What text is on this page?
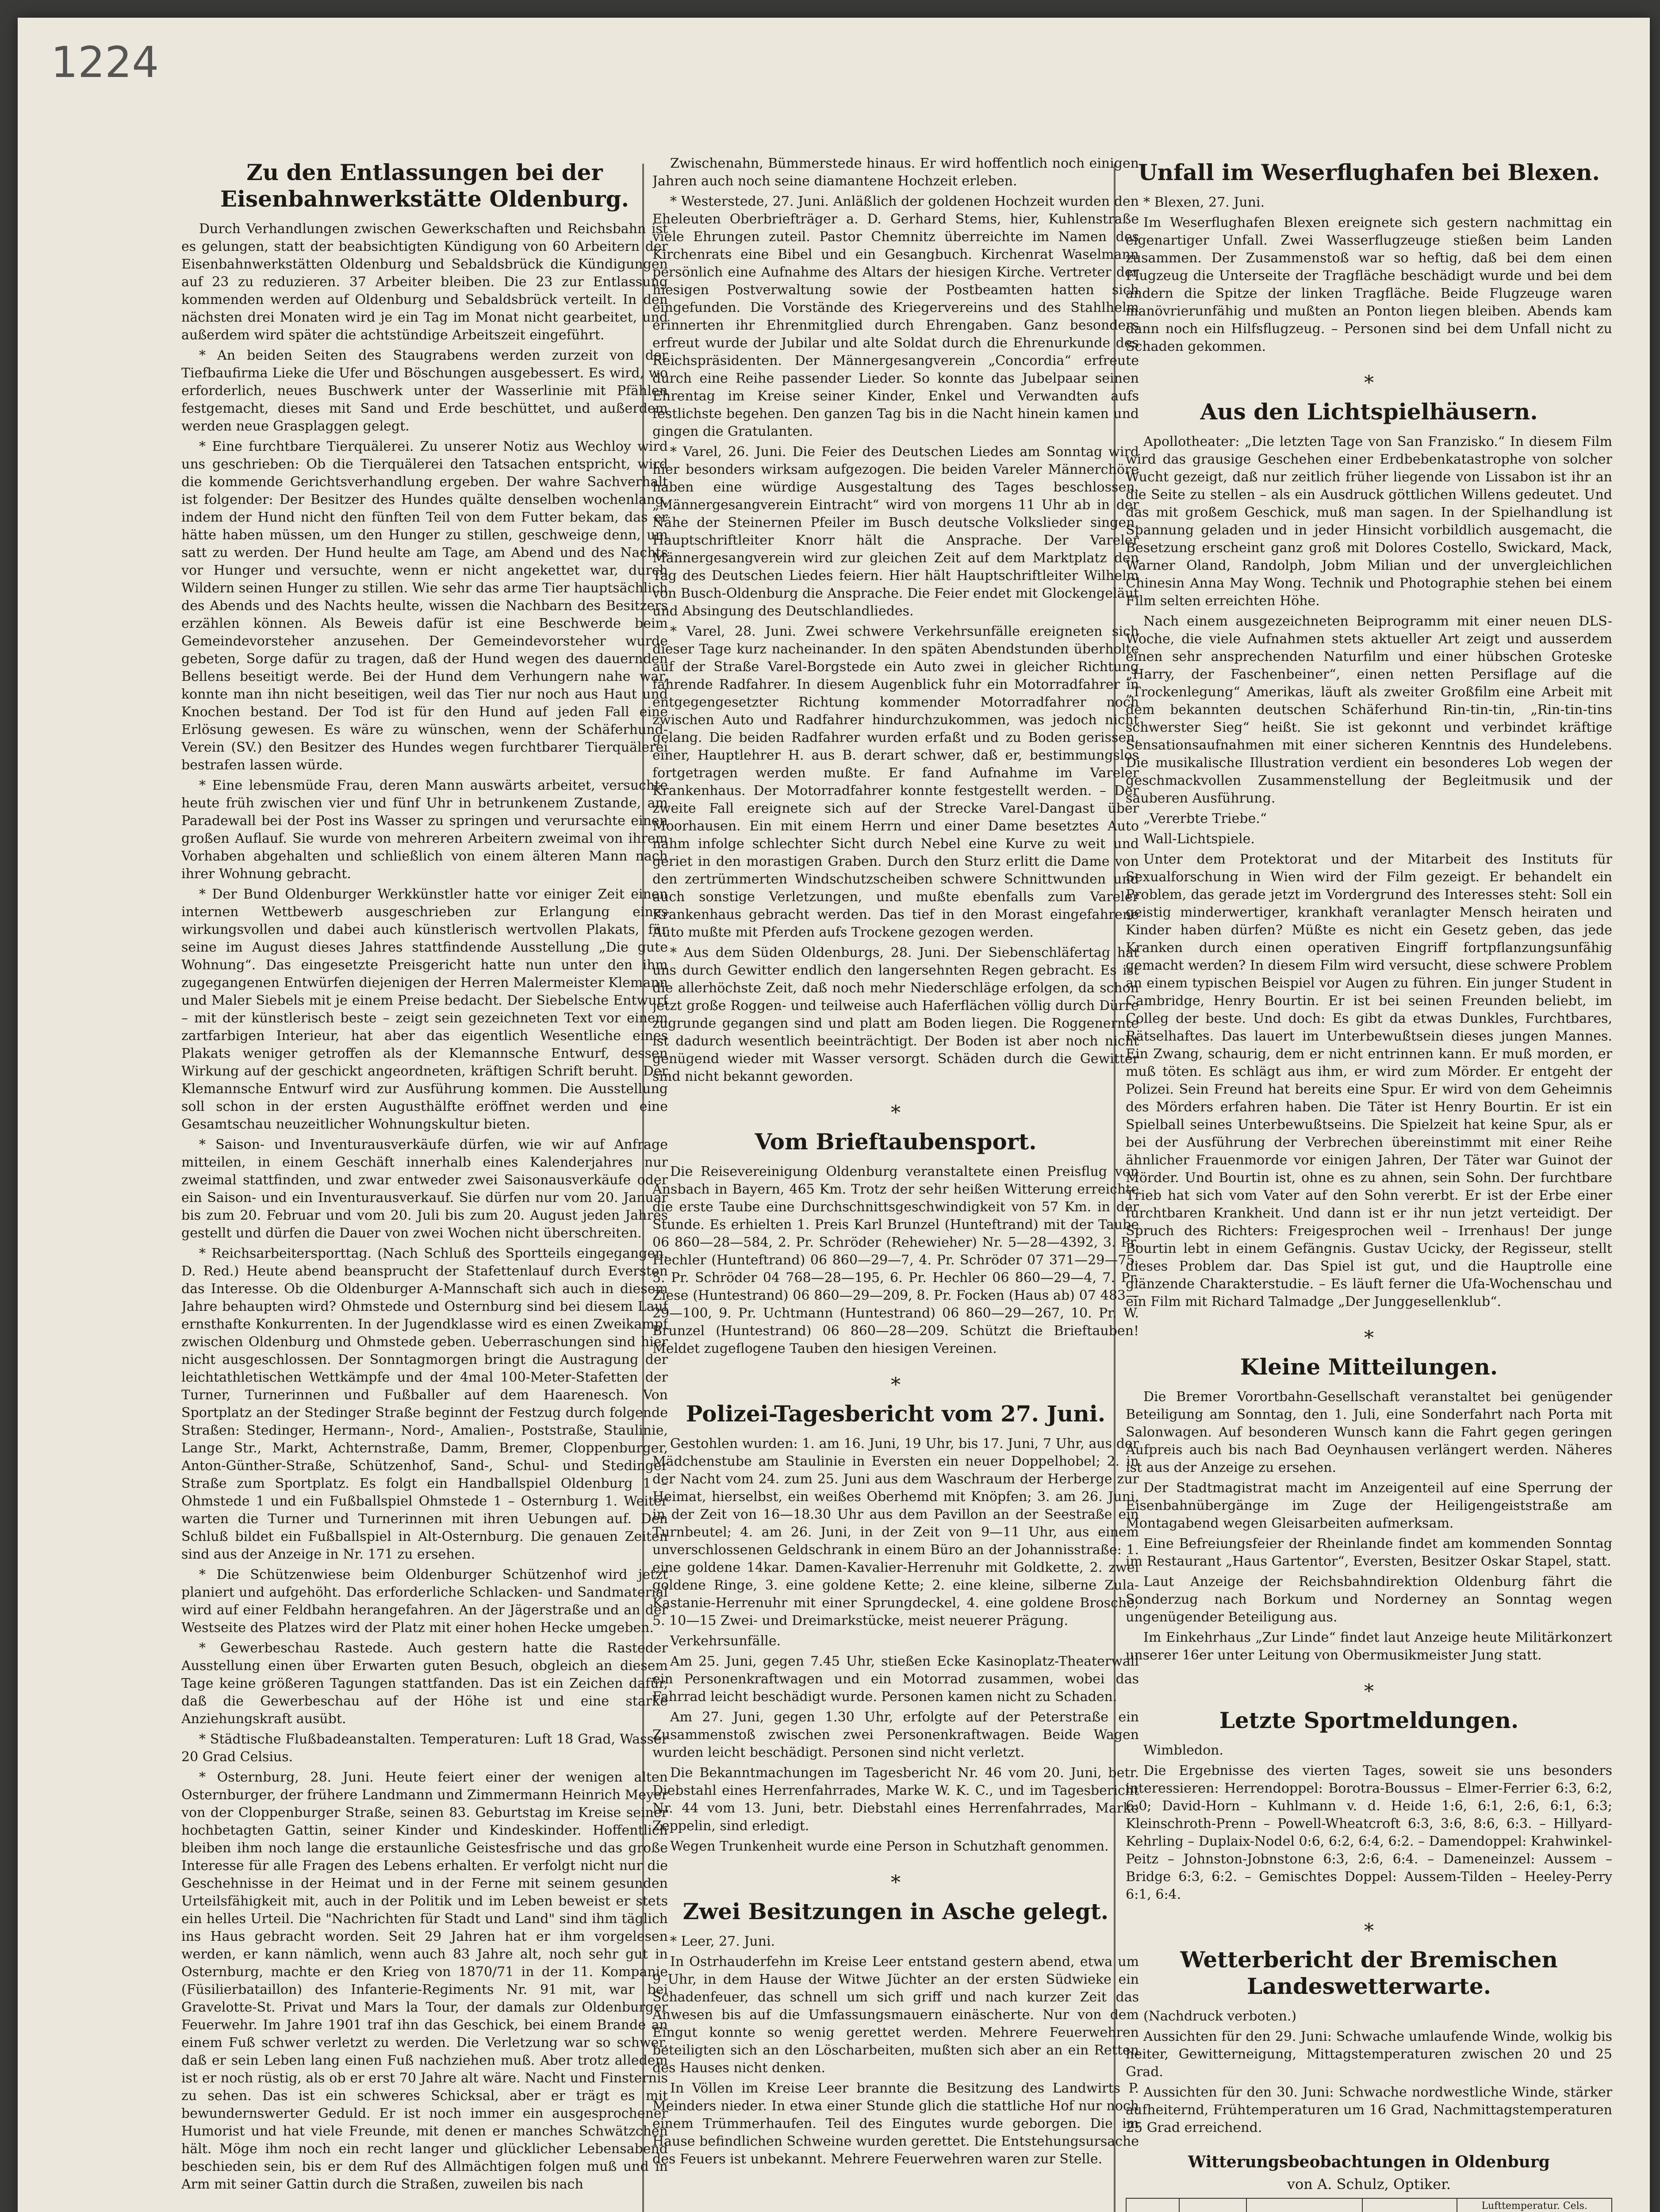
1224
Zu den Entlassungen bei der Eisenbahnwerkstätte Oldenburg.

Durch Verhandlungen zwischen Gewerkschaften und Reichsbahn ist es gelungen, statt der beabsichtigten Kündigung von 60 Arbeitern der Eisenbahnwerkstätten Oldenburg und Sebaldsbrück die Kündigungen auf 23 zu reduzieren. 37 Arbeiter bleiben. Die 23 zur Entlassung kommenden werden auf Oldenburg und Sebaldsbrück verteilt. In den nächsten drei Monaten wird je ein Tag im Monat nicht gearbeitet, und außerdem wird später die achtstündige Arbeitszeit eingeführt.

* An beiden Seiten des Staugrabens werden zurzeit von der Tiefbaufirma Lieke die Ufer und Böschungen ausgebessert. Es wird, wo erforderlich, neues Buschwerk unter der Wasserlinie mit Pfählen festgemacht, dieses mit Sand und Erde beschüttet, und außerdem werden neue Grasplaggen gelegt.

* Eine furchtbare Tierquälerei. Zu unserer Notiz aus Wechloy wird uns geschrieben: Ob die Tierquälerei den Tatsachen entspricht, wird die kommende Gerichtsverhandlung ergeben. Der wahre Sachverhalt ist folgender: Der Besitzer des Hundes quälte denselben wochenlang, indem der Hund nicht den fünften Teil von dem Futter bekam, das er hätte haben müssen, um den Hunger zu stillen, geschweige denn, um satt zu werden. Der Hund heulte am Tage, am Abend und des Nachts vor Hunger und versuchte, wenn er nicht angekettet war, durch Wildern seinen Hunger zu stillen. Wie sehr das arme Tier hauptsächlich des Abends und des Nachts heulte, wissen die Nachbarn des Besitzers erzählen können. Als Beweis dafür ist eine Beschwerde beim Gemeindevorsteher anzusehen. Der Gemeindevorsteher wurde gebeten, Sorge dafür zu tragen, daß der Hund wegen des dauernden Bellens beseitigt werde. Bei der Hund dem Verhungern nahe war, konnte man ihn nicht beseitigen, weil das Tier nur noch aus Haut und Knochen bestand. Der Tod ist für den Hund auf jeden Fall eine Erlösung gewesen. Es wäre zu wünschen, wenn der Schäferhund-Verein (SV.) den Besitzer des Hundes wegen furchtbarer Tierquälerei bestrafen lassen würde.

* Eine lebensmüde Frau, deren Mann auswärts arbeitet, versuchte heute früh zwischen vier und fünf Uhr in betrunkenem Zustande, am Paradewall bei der Post ins Wasser zu springen und verursachte einen großen Auflauf. Sie wurde von mehreren Arbeitern zweimal von ihrem Vorhaben abgehalten und schließlich von einem älteren Mann nach ihrer Wohnung gebracht.

* Der Bund Oldenburger Werkkünstler hatte vor einiger Zeit einen internen Wettbewerb ausgeschrieben zur Erlangung eines wirkungsvollen und dabei auch künstlerisch wertvollen Plakats, für seine im August dieses Jahres stattfindende Ausstellung „Die gute Wohnung“. Das eingesetzte Preisgericht hatte nun unter den ihm zugegangenen Entwürfen diejenigen der Herren Malermeister Klemann und Maler Siebels mit je einem Preise bedacht. Der Siebelsche Entwurf – mit der künstlerisch beste – zeigt sein gezeichneten Text vor einem zartfarbigen Interieur, hat aber das eigentlich Wesentliche eines Plakats weniger getroffen als der Klemannsche Entwurf, dessen Wirkung auf der geschickt angeordneten, kräftigen Schrift beruht. Der Klemannsche Entwurf wird zur Ausführung kommen. Die Ausstellung soll schon in der ersten Augusthälfte eröffnet werden und eine Gesamtschau neuzeitlicher Wohnungskultur bieten.

* Saison- und Inventurausverkäufe dürfen, wie wir auf Anfrage mitteilen, in einem Geschäft innerhalb eines Kalenderjahres nur zweimal stattfinden, und zwar entweder zwei Saisonausverkäufe oder ein Saison- und ein Inventurausverkauf. Sie dürfen nur vom 20. Januar bis zum 20. Februar und vom 20. Juli bis zum 20. August jeden Jahres gestellt und dürfen die Dauer von zwei Wochen nicht überschreiten.

* Reichsarbeitersporttag. (Nach Schluß des Sportteils eingegangen. D. Red.) Heute abend beansprucht der Stafettenlauf durch Eversten das Interesse. Ob die Oldenburger A-Mannschaft sich auch in diesem Jahre behaupten wird? Ohmstede und Osternburg sind bei diesem Lauf ernsthafte Konkurrenten. In der Jugendklasse wird es einen Zweikampf zwischen Oldenburg und Ohmstede geben. Ueberraschungen sind hier nicht ausgeschlossen. Der Sonntagmorgen bringt die Austragung der leichtathletischen Wettkämpfe und der 4mal 100-Meter-Stafetten der Turner, Turnerinnen und Fußballer auf dem Haarenesch. Von Sportplatz an der Stedinger Straße beginnt der Festzug durch folgende Straßen: Stedinger, Hermann-, Nord-, Amalien-, Poststraße, Staulinie, Lange Str., Markt, Achternstraße, Damm, Bremer, Cloppenburger, Anton-Günther-Straße, Schützenhof, Sand-, Schul- und Stedinger Straße zum Sportplatz. Es folgt ein Handballspiel Oldenburg 1 – Ohmstede 1 und ein Fußballspiel Ohmstede 1 – Osternburg 1. Weiter warten die Turner und Turnerinnen mit ihren Uebungen auf. Den Schluß bildet ein Fußballspiel in Alt-Osternburg. Die genauen Zeiten sind aus der Anzeige in Nr. 171 zu ersehen.

* Die Schützenwiese beim Oldenburger Schützenhof wird jetzt planiert und aufgehöht. Das erforderliche Schlacken- und Sandmaterial wird auf einer Feldbahn herangefahren. An der Jägerstraße und an der Westseite des Platzes wird der Platz mit einer hohen Hecke umgeben.

* Gewerbeschau Rastede. Auch gestern hatte die Rasteder Ausstellung einen über Erwarten guten Besuch, obgleich an diesem Tage keine größeren Tagungen stattfanden. Das ist ein Zeichen dafür, daß die Gewerbeschau auf der Höhe ist und eine starke Anziehungskraft ausübt.

* Städtische Flußbadeanstalten. Temperaturen: Luft 18 Grad, Wasser 20 Grad Celsius.

* Osternburg, 28. Juni. Heute feiert einer der wenigen alten Osternburger, der frühere Landmann und Zimmermann Heinrich Meyer von der Cloppenburger Straße, seinen 83. Geburtstag im Kreise seiner hochbetagten Gattin, seiner Kinder und Kindeskinder. Hoffentlich bleiben ihm noch lange die erstaunliche Geistesfrische und das große Interesse für alle Fragen des Lebens erhalten. Er verfolgt nicht nur die Geschehnisse in der Heimat und in der Ferne mit seinem gesunden Urteilsfähigkeit mit, auch in der Politik und im Leben beweist er stets ein helles Urteil. Die "Nachrichten für Stadt und Land" sind ihm täglich ins Haus gebracht worden. Seit 29 Jahren hat er ihm vorgelesen werden, er kann nämlich, wenn auch 83 Jahre alt, noch sehr gut in Osternburg, machte er den Krieg von 1870/71 in der 11. Kompanie (Füsilierbataillon) des Infanterie-Regiments Nr. 91 mit, war bei Gravelotte-St. Privat und Mars la Tour, der damals zur Oldenburger Feuerwehr. Im Jahre 1901 traf ihn das Geschick, bei einem Brande an einem Fuß schwer verletzt zu werden. Die Verletzung war so schwer, daß er sein Leben lang einen Fuß nachziehen muß. Aber trotz alledem ist er noch rüstig, als ob er erst 70 Jahre alt wäre. Nacht und Finsternis zu sehen. Das ist ein schweres Schicksal, aber er trägt es mit bewundernswerter Geduld. Er ist noch immer ein ausgesprochener Humorist und hat viele Freunde, mit denen er manches Schwätzchen hält. Möge ihm noch ein recht langer und glücklicher Lebensabend beschieden sein, bis er dem Ruf des Allmächtigen folgen muß und in Arm mit seiner Gattin durch die Straßen, zuweilen bis nach

Zwischenahn, Bümmerstede hinaus. Er wird hoffentlich noch einigen Jahren auch noch seine diamantene Hochzeit erleben.

* Westerstede, 27. Juni. Anläßlich der goldenen Hochzeit wurden den Eheleuten Oberbriefträger a. D. Gerhard Stems, hier, Kuhlenstraße viele Ehrungen zuteil. Pastor Chemnitz überreichte im Namen des Kirchenrats eine Bibel und ein Gesangbuch. Kirchenrat Waselmann persönlich eine Aufnahme des Altars der hiesigen Kirche. Vertreter der hiesigen Postverwaltung sowie der Postbeamten hatten sich eingefunden. Die Vorstände des Kriegervereins und des Stahlhelm erinnerten ihr Ehrenmitglied durch Ehrengaben. Ganz besonders erfreut wurde der Jubilar und alte Soldat durch die Ehrenurkunde des Reichspräsidenten. Der Männergesangverein „Concordia“ erfreute durch eine Reihe passender Lieder. So konnte das Jubelpaar seinen Ehrentag im Kreise seiner Kinder, Enkel und Verwandten aufs festlichste begehen. Den ganzen Tag bis in die Nacht hinein kamen und gingen die Gratulanten.

* Varel, 26. Juni. Die Feier des Deutschen Liedes am Sonntag wird hier besonders wirksam aufgezogen. Die beiden Vareler Männerchöre haben eine würdige Ausgestaltung des Tages beschlossen. „Männergesangverein Eintracht“ wird von morgens 11 Uhr ab in der Nähe der Steinernen Pfeiler im Busch deutsche Volkslieder singen. Hauptschriftleiter Knorr hält die Ansprache. Der Vareler Männergesangverein wird zur gleichen Zeit auf dem Marktplatz den Tag des Deutschen Liedes feiern. Hier hält Hauptschriftleiter Wilhelm von Busch-Oldenburg die Ansprache. Die Feier endet mit Glockengeläut und Absingung des Deutschlandliedes.

* Varel, 28. Juni. Zwei schwere Verkehrsunfälle ereigneten sich dieser Tage kurz nacheinander. In den späten Abendstunden überholte auf der Straße Varel-Borgstede ein Auto zwei in gleicher Richtung fahrende Radfahrer. In diesem Augenblick fuhr ein Motorradfahrer in entgegengesetzter Richtung kommender Motorradfahrer noch zwischen Auto und Radfahrer hindurchzukommen, was jedoch nicht gelang. Die beiden Radfahrer wurden erfaßt und zu Boden gerissen, einer, Hauptlehrer H. aus B. derart schwer, daß er, bestimmungslos fortgetragen werden mußte. Er fand Aufnahme im Vareler Krankenhaus. Der Motorradfahrer konnte festgestellt werden. – Der zweite Fall ereignete sich auf der Strecke Varel-Dangast über Moorhausen. Ein mit einem Herrn und einer Dame besetztes Auto nahm infolge schlechter Sicht durch Nebel eine Kurve zu weit und geriet in den morastigen Graben. Durch den Sturz erlitt die Dame von den zertrümmerten Windschutzscheiben schwere Schnittwunden und auch sonstige Verletzungen, und mußte ebenfalls zum Vareler Krankenhaus gebracht werden. Das tief in den Morast eingefahrene Auto mußte mit Pferden aufs Trockene gezogen werden.

* Aus dem Süden Oldenburgs, 28. Juni. Der Siebenschläfertag hat uns durch Gewitter endlich den langersehnten Regen gebracht. Es ist die allerhöchste Zeit, daß noch mehr Niederschläge erfolgen, da schon jetzt große Roggen- und teilweise auch Haferflächen völlig durch Dürre zugrunde gegangen sind und platt am Boden liegen. Die Roggenernte ist dadurch wesentlich beeinträchtigt. Der Boden ist aber noch nicht genügend wieder mit Wasser versorgt. Schäden durch die Gewitter sind nicht bekannt geworden.

*
Vom Brieftaubensport.

Die Reisevereinigung Oldenburg veranstaltete einen Preisflug von Ansbach in Bayern, 465 Km. Trotz der sehr heißen Witterung erreichte die erste Taube eine Durchschnittsgeschwindigkeit von 57 Km. in der Stunde. Es erhielten 1. Preis Karl Brunzel (Hunteftrand) mit der Taube 06 860—28—584, 2. Pr. Schröder (Rehewieher) Nr. 5—28—4392, 3. Pr. Hechler (Hunteftrand) 06 860—29—7, 4. Pr. Schröder 07 371—29—75, 5. Pr. Schröder 04 768—28—195, 6. Pr. Hechler 06 860—29—4, 7. Pr. Ziese (Huntestrand) 06 860—29—209, 8. Pr. Focken (Haus ab) 07 483—29—100, 9. Pr. Uchtmann (Huntestrand) 06 860—29—267, 10. Pr. W. Brunzel (Huntestrand) 06 860—28—209. Schützt die Brieftauben! Meldet zugeflogene Tauben den hiesigen Vereinen.

*
Polizei-Tagesbericht vom 27. Juni.

Gestohlen wurden: 1. am 16. Juni, 19 Uhr, bis 17. Juni, 7 Uhr, aus der Mädchenstube am Staulinie in Eversten ein neuer Doppelhobel; 2. in der Nacht vom 24. zum 25. Juni aus dem Waschraum der Herberge zur Heimat, hierselbst, ein weißes Oberhemd mit Knöpfen; 3. am 26. Juni, in der Zeit von 16—18.30 Uhr aus dem Pavillon an der Seestraße ein Turnbeutel; 4. am 26. Juni, in der Zeit von 9—11 Uhr, aus einem unverschlossenen Geldschrank in einem Büro an der Johannisstraße: 1. eine goldene 14kar. Damen-Kavalier-Herrenuhr mit Goldkette, 2. zwei goldene Ringe, 3. eine goldene Kette; 2. eine kleine, silberne Zula-Kastanie-Herrenuhr mit einer Sprungdeckel, 4. eine goldene Brosche; 5. 10—15 Zwei- und Dreimarkstücke, meist neuerer Prägung.

Verkehrsunfälle.

Am 25. Juni, gegen 7.45 Uhr, stießen Ecke Kasinoplatz-Theaterwall ein Personenkraftwagen und ein Motorrad zusammen, wobei das Fahrrad leicht beschädigt wurde. Personen kamen nicht zu Schaden.

Am 27. Juni, gegen 1.30 Uhr, erfolgte auf der Peterstraße ein Zusammenstoß zwischen zwei Personenkraftwagen. Beide Wagen wurden leicht beschädigt. Personen sind nicht verletzt.

Die Bekanntmachungen im Tagesbericht Nr. 46 vom 20. Juni, betr. Diebstahl eines Herrenfahrrades, Marke W. K. C., und im Tagesbericht Nr. 44 vom 13. Juni, betr. Diebstahl eines Herrenfahrrades, Marke Zeppelin, sind erledigt.

Wegen Trunkenheit wurde eine Person in Schutzhaft genommen.

*
Zwei Besitzungen in Asche gelegt.

* Leer, 27. Juni.

In Ostrhauderfehn im Kreise Leer entstand gestern abend, etwa um 9 Uhr, in dem Hause der Witwe Jüchter an der ersten Südwieke ein Schadenfeuer, das schnell um sich griff und nach kurzer Zeit das Anwesen bis auf die Umfassungsmauern einäscherte. Nur von dem Eingut konnte so wenig gerettet werden. Mehrere Feuerwehren beteiligten sich an den Löscharbeiten, mußten sich aber an ein Retten des Hauses nicht denken.

In Völlen im Kreise Leer brannte die Besitzung des Landwirts P. Meinders nieder. In etwa einer Stunde glich die stattliche Hof nur noch einem Trümmerhaufen. Teil des Eingutes wurde geborgen. Die im Hause befindlichen Schweine wurden gerettet. Die Entstehungsursache des Feuers ist unbekannt. Mehrere Feuerwehren waren zur Stelle.

Unfall im Weserflughafen bei Blexen.

* Blexen, 27. Juni.

Im Weserflughafen Blexen ereignete sich gestern nachmittag ein eigenartiger Unfall. Zwei Wasserflugzeuge stießen beim Landen zusammen. Der Zusammenstoß war so heftig, daß bei dem einen Flugzeug die Unterseite der Tragfläche beschädigt wurde und bei dem andern die Spitze der linken Tragfläche. Beide Flugzeuge waren manövrierunfähig und mußten an Ponton liegen bleiben. Abends kam dann noch ein Hilfsflugzeug. – Personen sind bei dem Unfall nicht zu Schaden gekommen.

*
Aus den Lichtspielhäusern.

Apollotheater: „Die letzten Tage von San Franzisko.“ In diesem Film wird das grausige Geschehen einer Erdbebenkatastrophe von solcher Wucht gezeigt, daß nur zeitlich früher liegende von Lissabon ist ihr an die Seite zu stellen – als ein Ausdruck göttlichen Willens gedeutet. Und das mit großem Geschick, muß man sagen. In der Spielhandlung ist Spannung geladen und in jeder Hinsicht vorbildlich ausgemacht, die Besetzung erscheint ganz groß mit Dolores Costello, Swickard, Mack, Warner Oland, Randolph, Jobm Milian und der unvergleichlichen Chinesin Anna May Wong. Technik und Photographie stehen bei einem Film selten erreichten Höhe.

Nach einem ausgezeichneten Beiprogramm mit einer neuen DLS-Woche, die viele Aufnahmen stets aktueller Art zeigt und ausserdem einen sehr ansprechenden Naturfilm und einer hübschen Groteske „Harry, der Faschenbeiner“, einen netten Persiflage auf die „Trockenlegung“ Amerikas, läuft als zweiter Großfilm eine Arbeit mit dem bekannten deutschen Schäferhund Rin-tin-tin, „Rin-tin-tins schwerster Sieg“ heißt. Sie ist gekonnt und verbindet kräftige Sensationsaufnahmen mit einer sicheren Kenntnis des Hundelebens. Die musikalische Illustration verdient ein besonderes Lob wegen der geschmackvollen Zusammenstellung der Begleitmusik und der sauberen Ausführung.

„Vererbte Triebe.“

Wall-Lichtspiele.

Unter dem Protektorat und der Mitarbeit des Instituts für Sexualforschung in Wien wird der Film gezeigt. Er behandelt ein Problem, das gerade jetzt im Vordergrund des Interesses steht: Soll ein geistig minderwertiger, krankhaft veranlagter Mensch heiraten und Kinder haben dürfen? Müßte es nicht ein Gesetz geben, das jede Kranken durch einen operativen Eingriff fortpflanzungsunfähig gemacht werden? In diesem Film wird versucht, diese schwere Problem an einem typischen Beispiel vor Augen zu führen. Ein junger Student in Cambridge, Henry Bourtin. Er ist bei seinen Freunden beliebt, im Colleg der beste. Und doch: Es gibt da etwas Dunkles, Furchtbares, Rätselhaftes. Das lauert im Unterbewußtsein dieses jungen Mannes. Ein Zwang, schaurig, dem er nicht entrinnen kann. Er muß morden, er muß töten. Es schlägt aus ihm, er wird zum Mörder. Er entgeht der Polizei. Sein Freund hat bereits eine Spur. Er wird von dem Geheimnis des Mörders erfahren haben. Die Täter ist Henry Bourtin. Er ist ein Spielball seines Unterbewußtseins. Die Spielzeit hat keine Spur, als er bei der Ausführung der Verbrechen übereinstimmt mit einer Reihe ähnlicher Frauenmorde vor einigen Jahren, Der Täter war Guinot der Mörder. Und Bourtin ist, ohne es zu ahnen, sein Sohn. Der furchtbare Trieb hat sich vom Vater auf den Sohn vererbt. Er ist der Erbe einer furchtbaren Krankheit. Und dann ist er ihr nun jetzt verteidigt. Der Spruch des Richters: Freigesprochen weil – Irrenhaus! Der junge Bourtin lebt in einem Gefängnis. Gustav Ucicky, der Regisseur, stellt dieses Problem dar. Das Spiel ist gut, und die Hauptrolle eine glänzende Charakterstudie. – Es läuft ferner die Ufa-Wochenschau und ein Film mit Richard Talmadge „Der Junggesellenklub“.

*
Kleine Mitteilungen.

Die Bremer Vorortbahn-Gesellschaft veranstaltet bei genügender Beteiligung am Sonntag, den 1. Juli, eine Sonderfahrt nach Porta mit Salonwagen. Auf besonderen Wunsch kann die Fahrt gegen geringen Aufpreis auch bis nach Bad Oeynhausen verlängert werden. Näheres ist aus der Anzeige zu ersehen.

Der Stadtmagistrat macht im Anzeigenteil auf eine Sperrung der Eisenbahnübergänge im Zuge der Heiligengeiststraße am Montagabend wegen Gleisarbeiten aufmerksam.

Eine Befreiungsfeier der Rheinlande findet am kommenden Sonntag im Restaurant „Haus Gartentor“, Eversten, Besitzer Oskar Stapel, statt.

Laut Anzeige der Reichsbahndirektion Oldenburg fährt die Sonderzug nach Borkum und Norderney an Sonntag wegen ungenügender Beteiligung aus.

Im Einkehrhaus „Zur Linde“ findet laut Anzeige heute Militärkonzert unserer 16er unter Leitung von Obermusikmeister Jung statt.

*
Letzte Sportmeldungen.

Wimbledon.

Die Ergebnisse des vierten Tages, soweit sie uns besonders interessieren: Herrendoppel: Borotra-Boussus – Elmer-Ferrier 6:3, 6:2, 6:0; David-Horn – Kuhlmann v. d. Heide 1:6, 6:1, 2:6, 6:1, 6:3; Kleinschroth-Prenn – Powell-Wheatcroft 6:3, 3:6, 8:6, 6:3. – Hillyard-Kehrling – Duplaix-Nodel 0:6, 6:2, 6:4, 6:2. – Damendoppel: Krahwinkel-Peitz – Johnston-Jobnstone 6:3, 2:6, 6:4. – Dameneinzel: Aussem – Bridge 6:3, 6:2. – Gemischtes Doppel: Aussem-Tilden – Heeley-Perry 6:1, 6:4.

*
Wetterbericht der Bremischen Landeswetterwarte.

(Nachdruck verboten.)

Aussichten für den 29. Juni: Schwache umlaufende Winde, wolkig bis heiter, Gewitterneigung, Mittagstemperaturen zwischen 20 und 25 Grad.

Aussichten für den 30. Juni: Schwache nordwestliche Winde, stärker aufheiternd, Frühtemperaturen um 16 Grad, Nachmittagstemperaturen 25 Grad erreichend.

Witterungsbeobachtungen in Oldenburg
von A. Schulz, Optiker.
				Lufttemperatur. Cels.		
